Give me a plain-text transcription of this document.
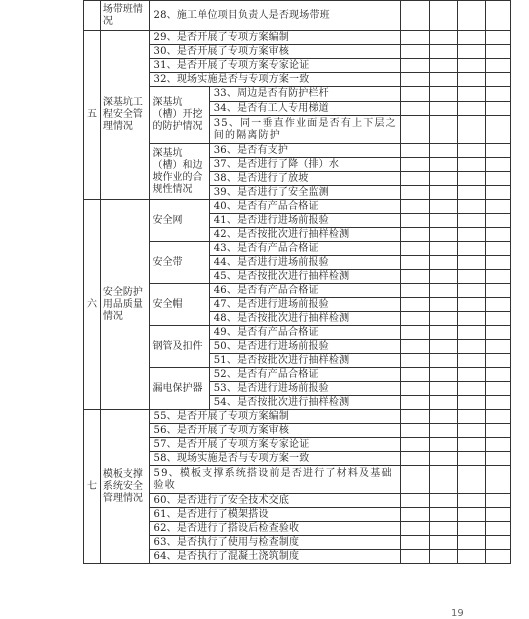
	场带班情况	28、施工单位项目负责人是否现场带班					
五	深基坑工程安全管理情况	29、是否开展了专项方案编制					
		30、是否开展了专项方案审核					
		31、是否开展了专项方案专家论证					
		32、现场实施是否与专项方案一致					
		深基坑（槽）开挖的防护情况	33、周边是否有防护栏杆				
			34、是否有工人专用梯道				
			35、同一垂直作业面是否有上下层之间的隔离防护				
		深基坑（槽）和边坡作业的合规性情况	36、是否有支护				
			37、是否进行了降（排）水				
			38、是否进行了放坡				
			39、是否进行了安全监测				
六	安全防护用品质量情况	安全网	40、是否有产品合格证				
			41、是否进行进场前报验				
			42、是否按批次进行抽样检测				
		安全带	43、是否有产品合格证				
			44、是否进行进场前报验				
			45、是否按批次进行抽样检测				
		安全帽	46、是否有产品合格证				
			47、是否进行进场前报验				
			48、是否按批次进行抽样检测				
		钢管及扣件	49、是否有产品合格证				
			50、是否进行进场前报验				
			51、是否按批次进行抽样检测				
		漏电保护器	52、是否有产品合格证				
			53、是否进行进场前报验				
			54、是否按批次进行抽样检测				
七	模板支撑系统安全管理情况	55、是否开展了专项方案编制					
		56、是否开展了专项方案审核					
		57、是否开展了专项方案专家论证					
		58、现场实施是否与专项方案一致					
		59、模板支撑系统搭设前是否进行了材料及基础验收					
		60、是否进行了安全技术交底					
		61、是否进行了模架搭设					
		62、是否进行了搭设后检查验收					
		63、是否执行了使用与检查制度					
		64、是否执行了混凝土浇筑制度					
19
